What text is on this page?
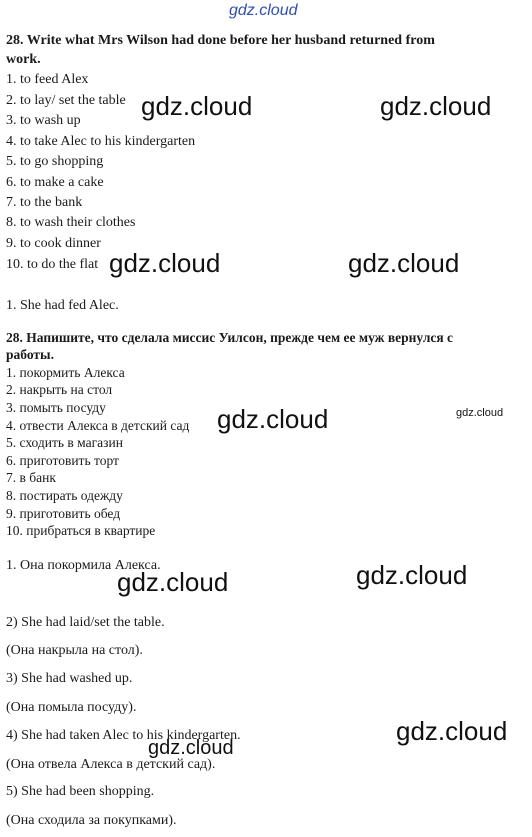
gdz.cloud
28. Write what Mrs Wilson had done before her husband returned from
work.
1. to feed Alex
2. to lay/ set the table
3. to wash up
4. to take Alec to his kindergarten
5. to go shopping
6. to make a cake
7. to the bank
8. to wash their clothes
9. to cook dinner
10. to do the flat
1. She had fed Alec.
28. Напишите, что сделала миссис Уилсон, прежде чем ее муж вернулся с
работы.
1. покормить Алекса
2. накрыть на стол
3. помыть посуду
4. отвести Алекса в детский сад
5. сходить в магазин
6. приготовить торт
7. в банк
8. постирать одежду
9. приготовить обед
10. прибраться в квартире
1. Она покормила Алекса.
2) She had laid/set the table.
(Она накрыла на стол).
3) She had washed up.
(Она помыла посуду).
4) She had taken Alec to his kindergarten.
(Она отвела Алекса в детский сад).
5) She had been shopping.
(Она сходила за покупками).
gdz.cloud	gdz.cloud
gdz.cloud	gdz.cloud
gdz.cloud	gdz.cloud
gdz.cloud	gdz.cloud
gdz.cloud
gdz.cloud
